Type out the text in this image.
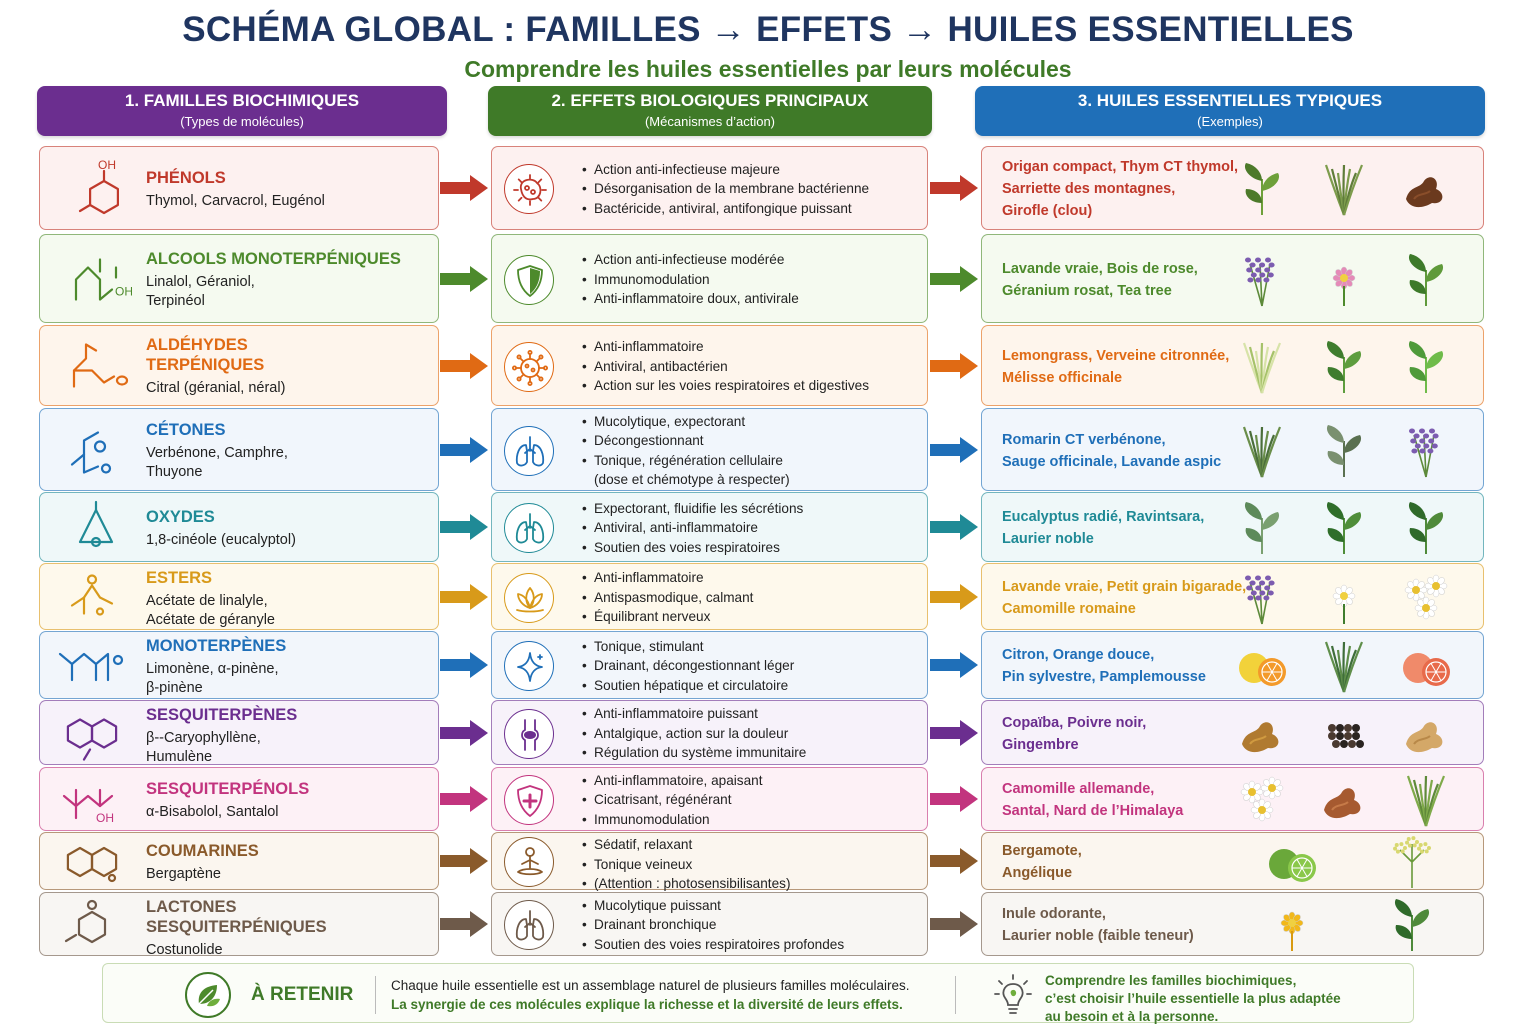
SCHÉMA GLOBAL : FAMILLES → EFFETS → HUILES ESSENTIELLES
Comprendre les huiles essentielles par leurs molécules
1. FAMILLES BIOCHIMIQUES
(Types de molécules)
2. EFFETS BIOLOGIQUES PRINCIPAUX
(Mécanismes d’action)
3. HUILES ESSENTIELLES TYPIQUES
(Exemples)
OH
PHÉNOLS
Thymol, Carvacrol, Eugénol
• Action anti-infectieuse majeure
• Désorganisation de la membrane bactérienne
• Bactéricide, antiviral, antifongique puissant
Origan compact, Thym CT thymol,
Sarriette des montagnes,
Girofle (clou)
OH
ALCOOLS MONOTERPÉNIQUES
Linalol, Géraniol,
Terpinéol
• Action anti-infectieuse modérée
• Immunomodulation
• Anti-inflammatoire doux, antivirale
Lavande vraie, Bois de rose,
Géranium rosat, Tea tree
ALDÉHYDES
TERPÉNIQUES
Citral (géranial, néral)
• Anti-inflammatoire
• Antiviral, antibactérien
• Action sur les voies respiratoires et digestives
Lemongrass, Verveine citronnée,
Mélisse officinale
CÉTONES
Verbénone, Camphre,
Thuyone
• Mucolytique, expectorant
• Décongestionnant
• Tonique, régénération cellulaire
(dose et chémotype à respecter)
Romarin CT verbénone,
Sauge officinale, Lavande aspic
OXYDES
1,8-cinéole (eucalyptol)
• Expectorant, fluidifie les sécrétions
• Antiviral, anti-inflammatoire
• Soutien des voies respiratoires
Eucalyptus radié, Ravintsara,
Laurier noble
ESTERS
Acétate de linalyle,
Acétate de géranyle
• Anti-inflammatoire
• Antispasmodique, calmant
• Équilibrant nerveux
Lavande vraie, Petit grain bigarade,
Camomille romaine
MONOTERPÈNES
Limonène, α-pinène,
β-pinène
• Tonique, stimulant
• Drainant, décongestionnant léger
• Soutien hépatique et circulatoire
Citron, Orange douce,
Pin sylvestre, Pamplemousse
SESQUITERPÈNES
β--Caryophyllène,
Humulène
• Anti-inflammatoire puissant
• Antalgique, action sur la douleur
• Régulation du système immunitaire
Copaïba, Poivre noir,
Gingembre
OH
SESQUITERPÉNOLS
α-Bisabolol, Santalol
• Anti-inflammatoire, apaisant
• Cicatrisant, régénérant
• Immunomodulation
Camomille allemande,
Santal, Nard de l’Himalaya
COUMARINES
Bergaptène
• Sédatif, relaxant
• Tonique veineux
• (Attention : photosensibilisantes)
Bergamote,
Angélique
LACTONES
SESQUITERPÉNIQUES
Costunolide
• Mucolytique puissant
• Drainant bronchique
• Soutien des voies respiratoires profondes
Inule odorante,
Laurier noble (faible teneur)
À RETENIR	Chaque huile essentielle est un assemblage naturel de plusieurs familles moléculaires.
La synergie de ces molécules explique la richesse et la diversité de leurs effets.
Comprendre les familles biochimiques,
c’est choisir l’huile essentielle la plus adaptée
au besoin et à la personne.
